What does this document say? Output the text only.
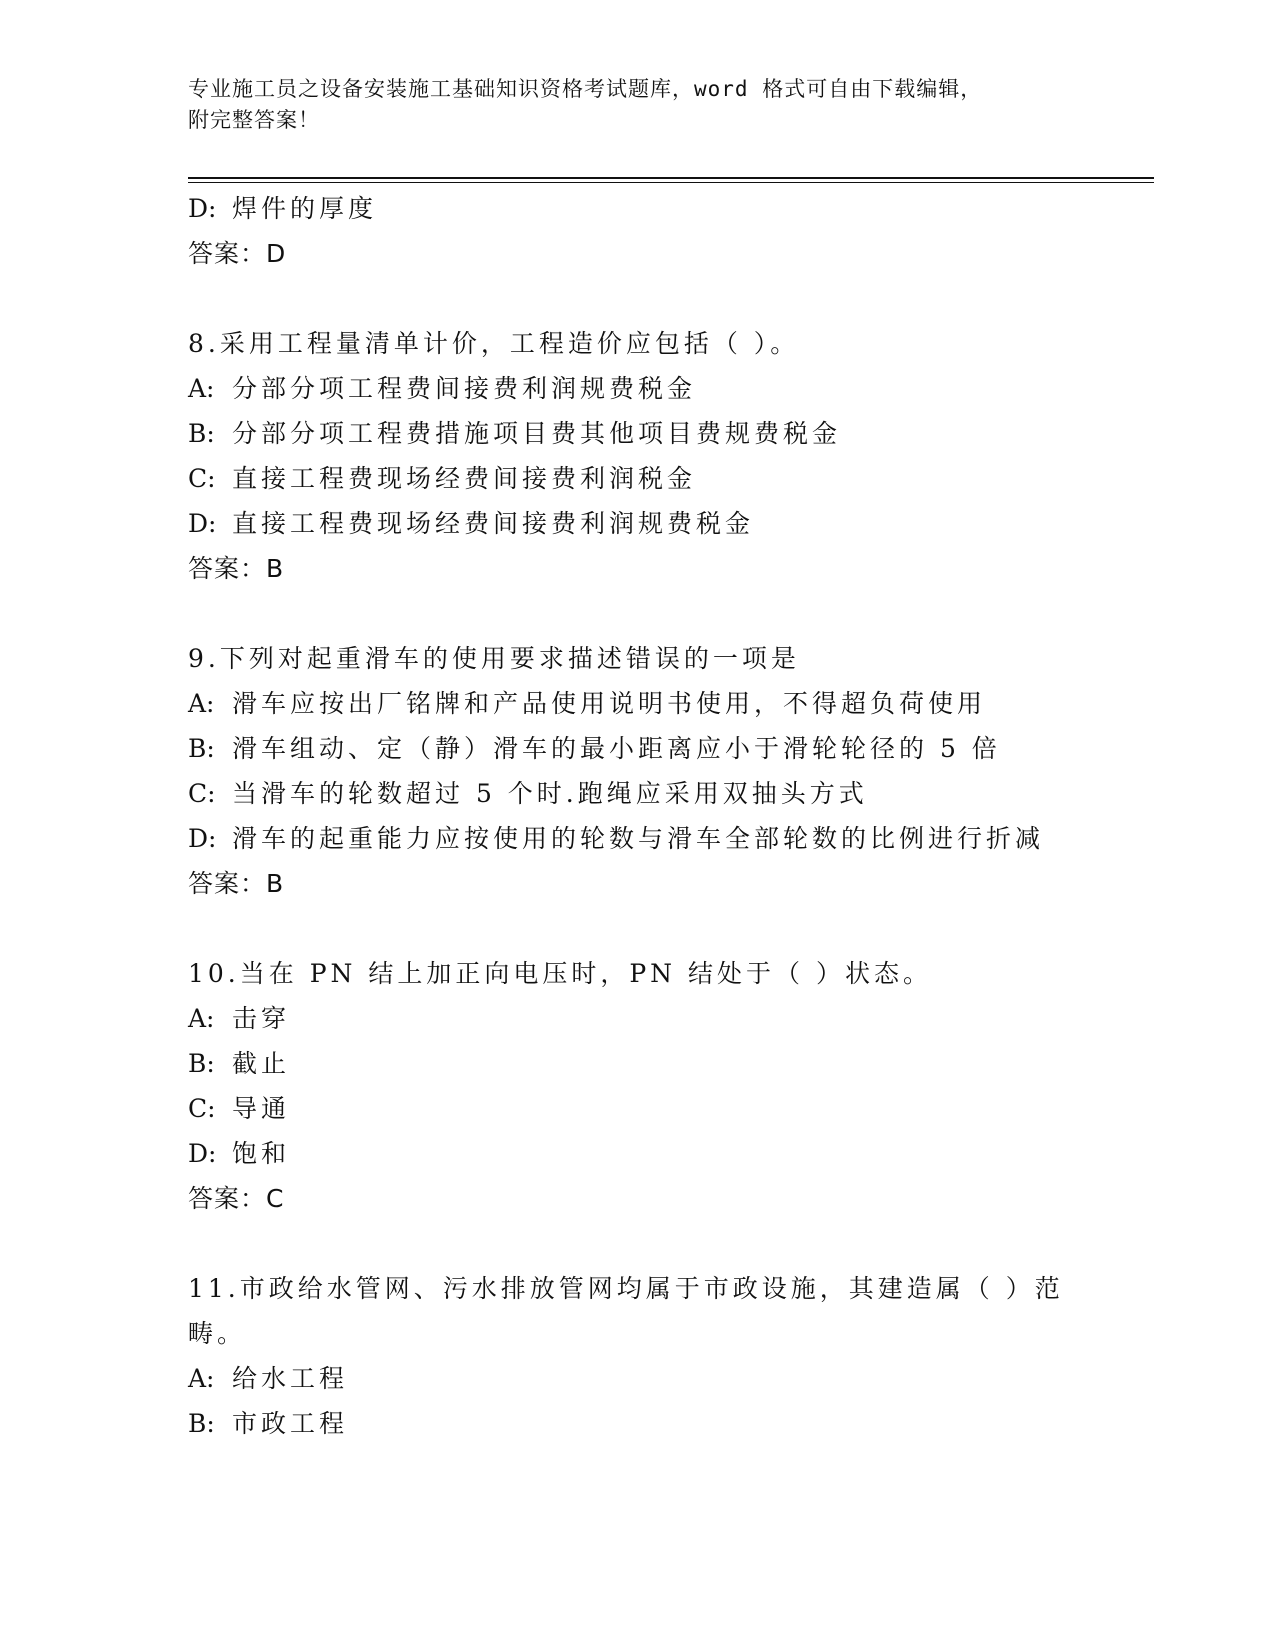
专业施工员之设备安装施工基础知识资格考试题库，word 格式可自由下载编辑，
附完整答案！
D: 焊件的厚度
答案：D
8.采用工程量清单计价，工程造价应包括（ ）。
A: 分部分项工程费间接费利润规费税金
B: 分部分项工程费措施项目费其他项目费规费税金
C: 直接工程费现场经费间接费利润税金
D: 直接工程费现场经费间接费利润规费税金
答案：B
9.下列对起重滑车的使用要求描述错误的一项是
A: 滑车应按出厂铭牌和产品使用说明书使用，不得超负荷使用
B: 滑车组动、定（静）滑车的最小距离应小于滑轮轮径的 5 倍
C: 当滑车的轮数超过 5 个时.跑绳应采用双抽头方式
D: 滑车的起重能力应按使用的轮数与滑车全部轮数的比例进行折减
答案：B
10.当在 PN 结上加正向电压时，PN 结处于（ ）状态。
A: 击穿
B: 截止
C: 导通
D: 饱和
答案：C
11.市政给水管网、污水排放管网均属于市政设施，其建造属（ ）范
畴。
A: 给水工程
B: 市政工程
